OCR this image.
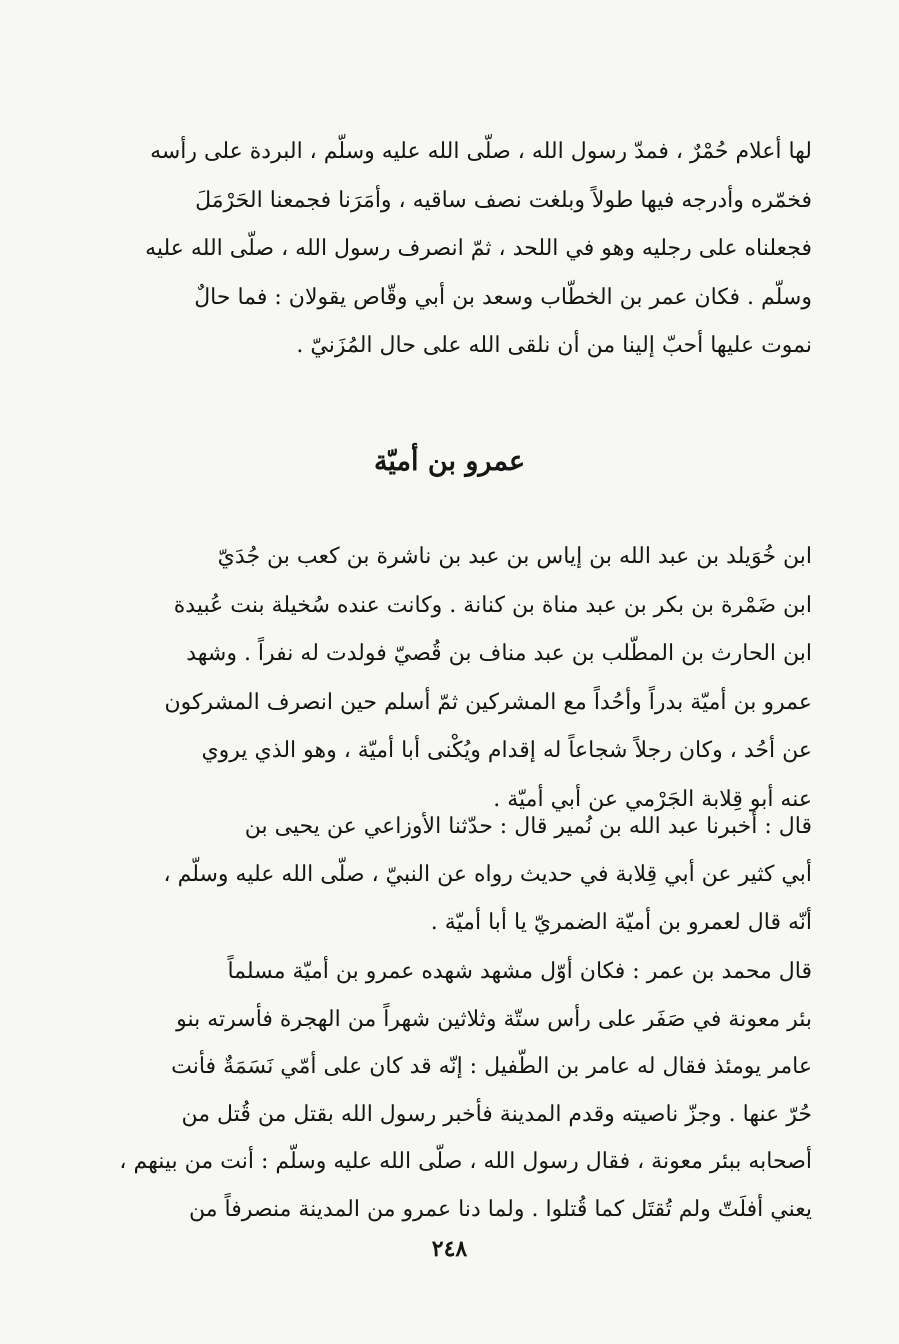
لها أعلام حُمْرٌ ، فمدّ رسول الله ، صلّى الله عليه وسلّم ، البردة على رأسه
فخمّره وأدرجه فيها طولاً وبلغت نصف ساقيه ، وأمَرَنا فجمعنا الحَرْمَلَ
فجعلناه على رجليه وهو في اللحد ، ثمّ انصرف رسول الله ، صلّى الله عليه
وسلّم . فكان عمر بن الخطّاب وسعد بن أبي وقّاص يقولان : فما حالٌ
نموت عليها أحبّ إلينا من أن نلقى الله على حال المُزَنيّ .
عمرو بن أميّة
ابن خُوَيلد بن عبد الله بن إياس بن عبد بن ناشرة بن كعب بن جُدَيّ
ابن ضَمْرة بن بكر بن عبد مناة بن كنانة . وكانت عنده سُخيلة بنت عُبيدة
ابن الحارث بن المطّلب بن عبد مناف بن قُصيّ فولدت له نفراً . وشهد
عمرو بن أميّة بدراً وأحُداً مع المشركين ثمّ أسلم حين انصرف المشركون
عن أحُد ، وكان رجلاً شجاعاً له إقدام ويُكْنى أبا أميّة ، وهو الذي يروي
عنه أبو قِلابة الجَرْمي عن أبي أميّة .
قال : أخبرنا عبد الله بن نُمير قال : حدّثنا الأوزاعي عن يحيى بن
أبي كثير عن أبي قِلابة في حديث رواه عن النبيّ ، صلّى الله عليه وسلّم ،
أنّه قال لعمرو بن أميّة الضمريّ يا أبا أميّة .
قال محمد بن عمر : فكان أوّل مشهد شهده عمرو بن أميّة مسلماً
بئر معونة في صَفَر على رأس ستّة وثلاثين شهراً من الهجرة فأسرته بنو
عامر يومئذ فقال له عامر بن الطّفيل : إنّه قد كان على أمّي نَسَمَةٌ فأنت
حُرّ عنها . وجزّ ناصيته وقدم المدينة فأخبر رسول الله بقتل من قُتل من
أصحابه ببئر معونة ، فقال رسول الله ، صلّى الله عليه وسلّم : أنت من بينهم ،
يعني أفلَتّ ولم تُقتَل كما قُتلوا . ولما دنا عمرو من المدينة منصرفاً من
٢٤٨
